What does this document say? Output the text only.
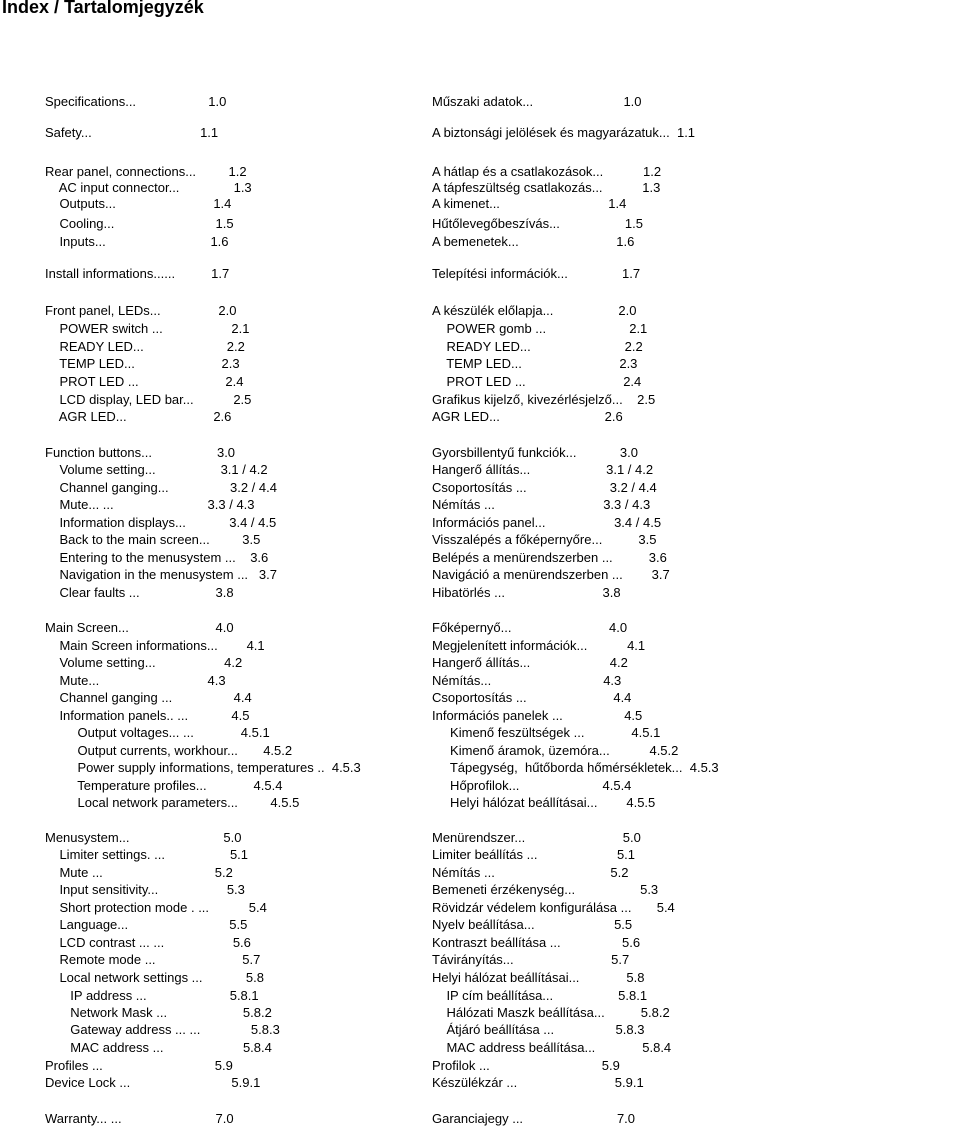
Index / Tartalomjegyzék
Specifications...                    1.0
Safety...                              1.1
Rear panel, connections...         1.2
AC input connector...               1.3
Outputs...                           1.4
Cooling...                            1.5
Inputs...                             1.6
Install informations......          1.7
Front panel, LEDs...                2.0
POWER switch ...                   2.1
READY LED...                       2.2
TEMP LED...                        2.3
PROT LED ...                        2.4
LCD display, LED bar...           2.5
AGR LED...                        2.6
Function buttons...                  3.0
Volume setting...                  3.1 / 4.2
Channel ganging...                 3.2 / 4.4
Mute... ...                          3.3 / 4.3
Information displays...            3.4 / 4.5
Back to the main screen...         3.5
Entering to the menusystem ...    3.6
Navigation in the menusystem ...   3.7
Clear faults ...                     3.8
Main Screen...                        4.0
Main Screen informations...        4.1
Volume setting...                   4.2
Mute...                              4.3
Channel ganging ...                 4.4
Information panels.. ...            4.5
Output voltages... ...             4.5.1
Output currents, workhour...       4.5.2
Power supply informations, temperatures ..  4.5.3
Temperature profiles...             4.5.4
Local network parameters...         4.5.5
Menusystem...                          5.0
Limiter settings. ...                  5.1
Mute ...                               5.2
Input sensitivity...                   5.3
Short protection mode . ...           5.4
Language...                            5.5
LCD contrast ... ...                   5.6
Remote mode ...                        5.7
Local network settings ...            5.8
IP address ...                       5.8.1
Network Mask ...                     5.8.2
Gateway address ... ...              5.8.3
MAC address ...                      5.8.4
Profiles ...                               5.9
Device Lock ...                            5.9.1
Warranty... ...                          7.0
Műszaki adatok...                         1.0
A biztonsági jelölések és magyarázatuk...  1.1
A hátlap és a csatlakozások...           1.2
A tápfeszültség csatlakozás...           1.3
A kimenet...                              1.4
Hűtőlevegőbeszívás...                  1.5
A bemenetek...                           1.6
Telepítési információk...               1.7
A készülék előlapja...                  2.0
POWER gomb ...                       2.1
READY LED...                          2.2
TEMP LED...                           2.3
PROT LED ...                           2.4
Grafikus kijelző, kivezérlésjelző...    2.5
AGR LED...                             2.6
Gyorsbillentyű funkciók...            3.0
Hangerő állítás...                     3.1 / 4.2
Csoportosítás ...                       3.2 / 4.4
Némítás ...                              3.3 / 4.3
Információs panel...                   3.4 / 4.5
Visszalépés a főképernyőre...          3.5
Belépés a menürendszerben ...          3.6
Navigáció a menürendszerben ...        3.7
Hibatörlés ...                           3.8
Főképernyő...                           4.0
Megjelenített információk...           4.1
Hangerő állítás...                      4.2
Némítás...                               4.3
Csoportosítás ...                        4.4
Információs panelek ...                 4.5
Kimenő feszültségek ...             4.5.1
Kimenő áramok, üzemóra...           4.5.2
Tápegység,  hűtőborda hőmérsékletek...  4.5.3
Hőprofilok...                       4.5.4
Helyi hálózat beállításai...        4.5.5
Menürendszer...                           5.0
Limiter beállítás ...                      5.1
Némítás ...                                5.2
Bemeneti érzékenység...                  5.3
Rövidzár védelem konfigurálása ...       5.4
Nyelv beállítása...                      5.5
Kontraszt beállítása ...                 5.6
Távirányítás...                           5.7
Helyi hálózat beállításai...             5.8
IP cím beállítása...                  5.8.1
Hálózati Maszk beállítása...          5.8.2
Átjáró beállítása ...                 5.8.3
MAC address beállítása...             5.8.4
Profilok ...                               5.9
Készülékzár ...                           5.9.1
Garanciajegy ...                          7.0
